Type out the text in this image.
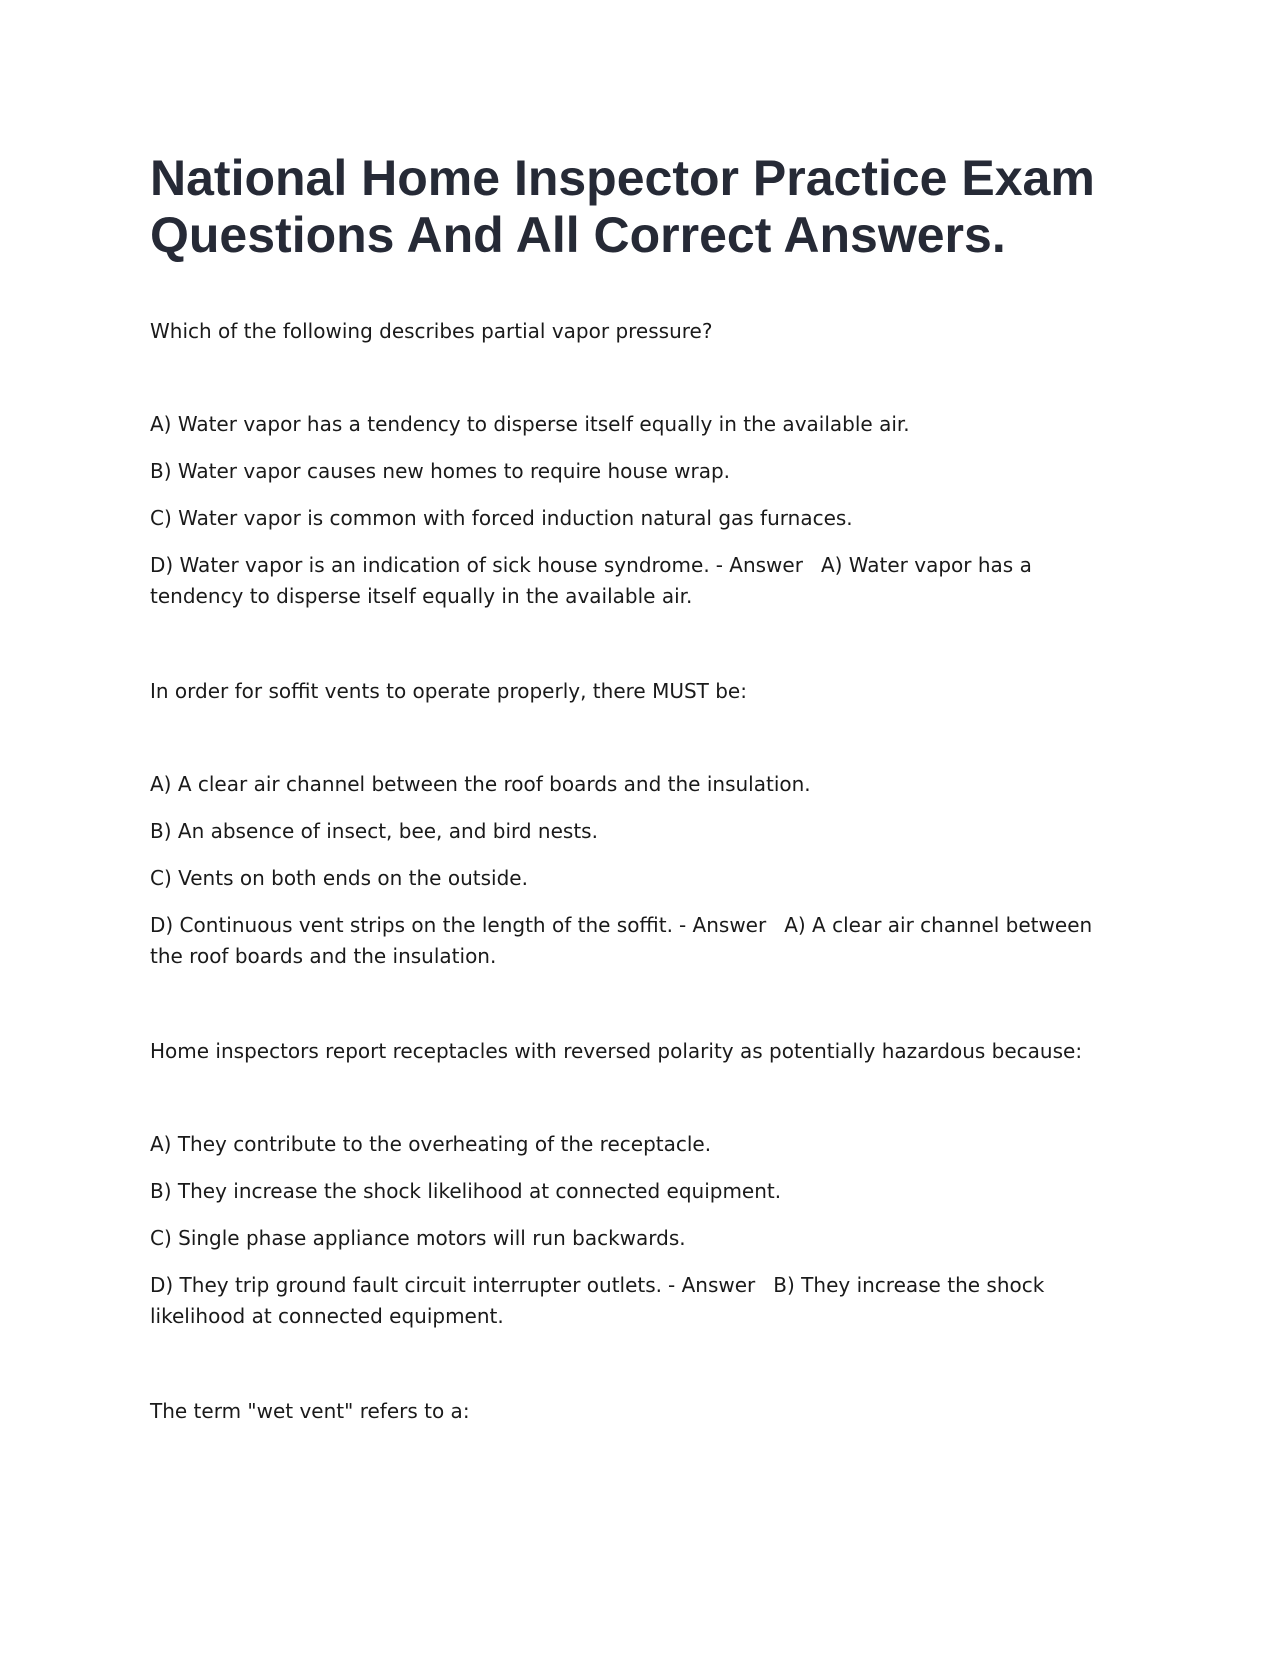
National Home Inspector Practice Exam
Questions And All Correct Answers.

Which of the following describes partial vapor pressure?

A) Water vapor has a tendency to disperse itself equally in the available air.
B) Water vapor causes new homes to require house wrap.
C) Water vapor is common with forced induction natural gas furnaces.
D) Water vapor is an indication of sick house syndrome. - Answer A) Water vapor has a tendency to disperse itself equally in the available air.

In order for soffit vents to operate properly, there MUST be:

A) A clear air channel between the roof boards and the insulation.
B) An absence of insect, bee, and bird nests.
C) Vents on both ends on the outside.
D) Continuous vent strips on the length of the soffit. - Answer A) A clear air channel between the roof boards and the insulation.

Home inspectors report receptacles with reversed polarity as potentially hazardous because:

A) They contribute to the overheating of the receptacle.
B) They increase the shock likelihood at connected equipment.
C) Single phase appliance motors will run backwards.
D) They trip ground fault circuit interrupter outlets. - Answer B) They increase the shock likelihood at connected equipment.

The term "wet vent" refers to a:
